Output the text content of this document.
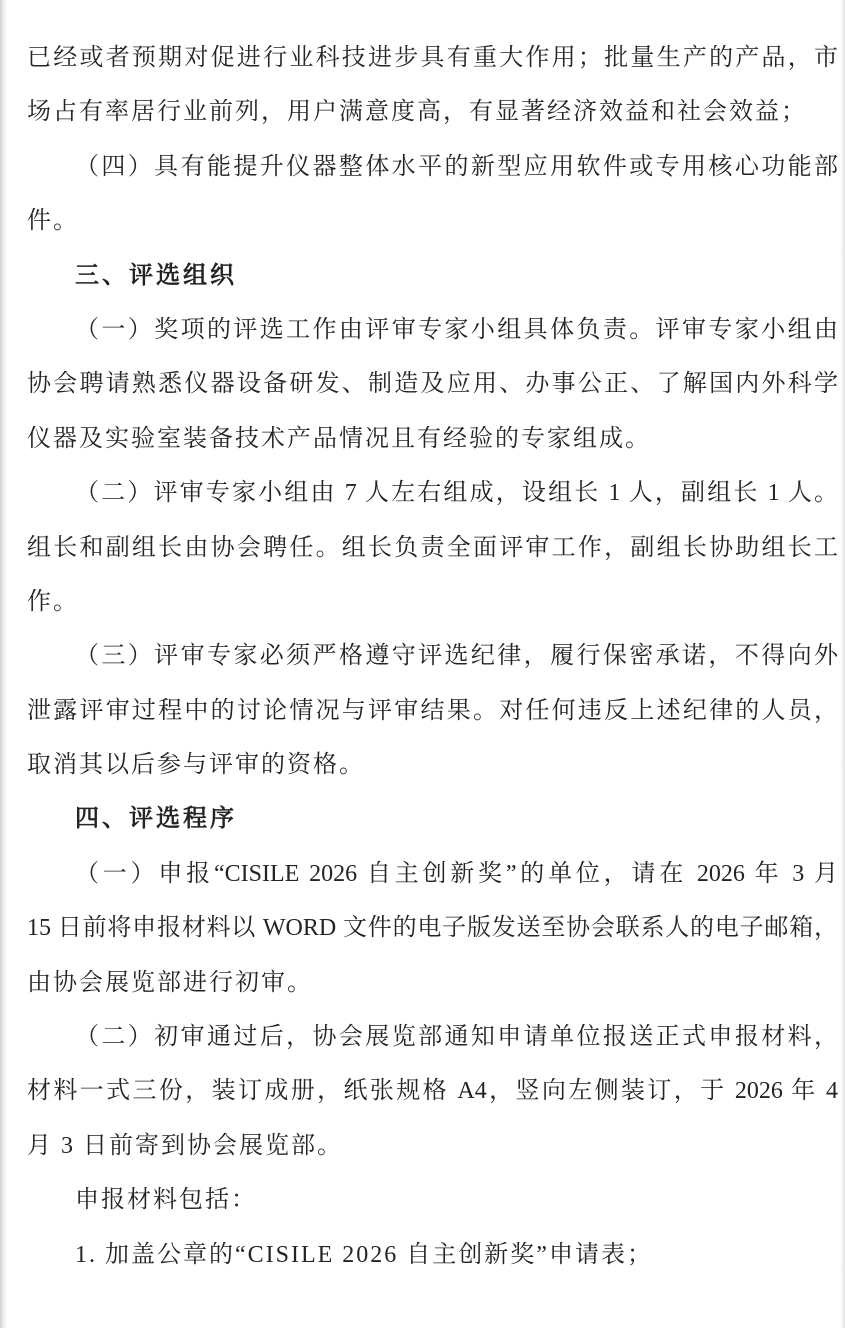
已经或者预期对促进行业科技进步具有重大作用；批量生产的产品，市
场占有率居行业前列，用户满意度高，有显著经济效益和社会效益；
（四）具有能提升仪器整体水平的新型应用软件或专用核心功能部
件。
三、评选组织
（一）奖项的评选工作由评审专家小组具体负责。评审专家小组由
协会聘请熟悉仪器设备研发、制造及应用、办事公正、了解国内外科学
仪器及实验室装备技术产品情况且有经验的专家组成。
（二）评审专家小组由 7 人左右组成，设组长 1 人，副组长 1 人。
组长和副组长由协会聘任。组长负责全面评审工作，副组长协助组长工
作。
（三）评审专家必须严格遵守评选纪律，履行保密承诺，不得向外
泄露评审过程中的讨论情况与评审结果。对任何违反上述纪律的人员，
取消其以后参与评审的资格。
四、评选程序
（一）申报“CISILE 2026 自主创新奖”的单位，请在 2026 年 3 月
15 日前将申报材料以 WORD 文件的电子版发送至协会联系人的电子邮箱，
由协会展览部进行初审。
（二）初审通过后，协会展览部通知申请单位报送正式申报材料，
材料一式三份，装订成册，纸张规格 A4，竖向左侧装订，于 2026 年 4
月 3 日前寄到协会展览部。
申报材料包括：
1. 加盖公章的“CISILE 2026 自主创新奖”申请表；
